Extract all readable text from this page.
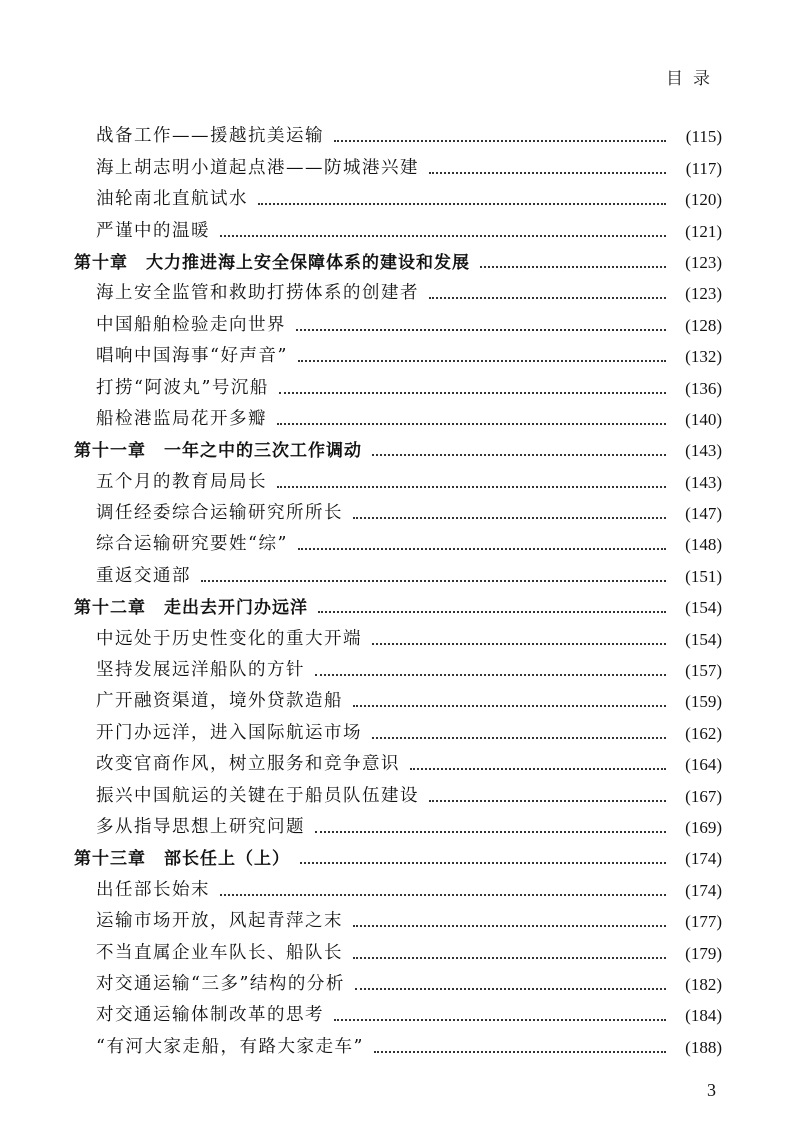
目录
战备工作——援越抗美运输	(115)
海上胡志明小道起点港——防城港兴建	(117)
油轮南北直航试水	(120)
严谨中的温暖	(121)
第十章　大力推进海上安全保障体系的建设和发展	(123)
海上安全监管和救助打捞体系的创建者	(123)
中国船舶检验走向世界	(128)
唱响中国海事“好声音”	(132)
打捞“阿波丸”号沉船	(136)
船检港监局花开多瓣	(140)
第十一章　一年之中的三次工作调动	(143)
五个月的教育局局长	(143)
调任经委综合运输研究所所长	(147)
综合运输研究要姓“综”	(148)
重返交通部	(151)
第十二章　走出去开门办远洋	(154)
中远处于历史性变化的重大开端	(154)
坚持发展远洋船队的方针	(157)
广开融资渠道，境外贷款造船	(159)
开门办远洋，进入国际航运市场	(162)
改变官商作风，树立服务和竞争意识	(164)
振兴中国航运的关键在于船员队伍建设	(167)
多从指导思想上研究问题	(169)
第十三章　部长任上（上）	(174)
出任部长始末	(174)
运输市场开放，风起青萍之末	(177)
不当直属企业车队长、船队长	(179)
对交通运输“三多”结构的分析	(182)
对交通运输体制改革的思考	(184)
“有河大家走船，有路大家走车”	(188)
3
